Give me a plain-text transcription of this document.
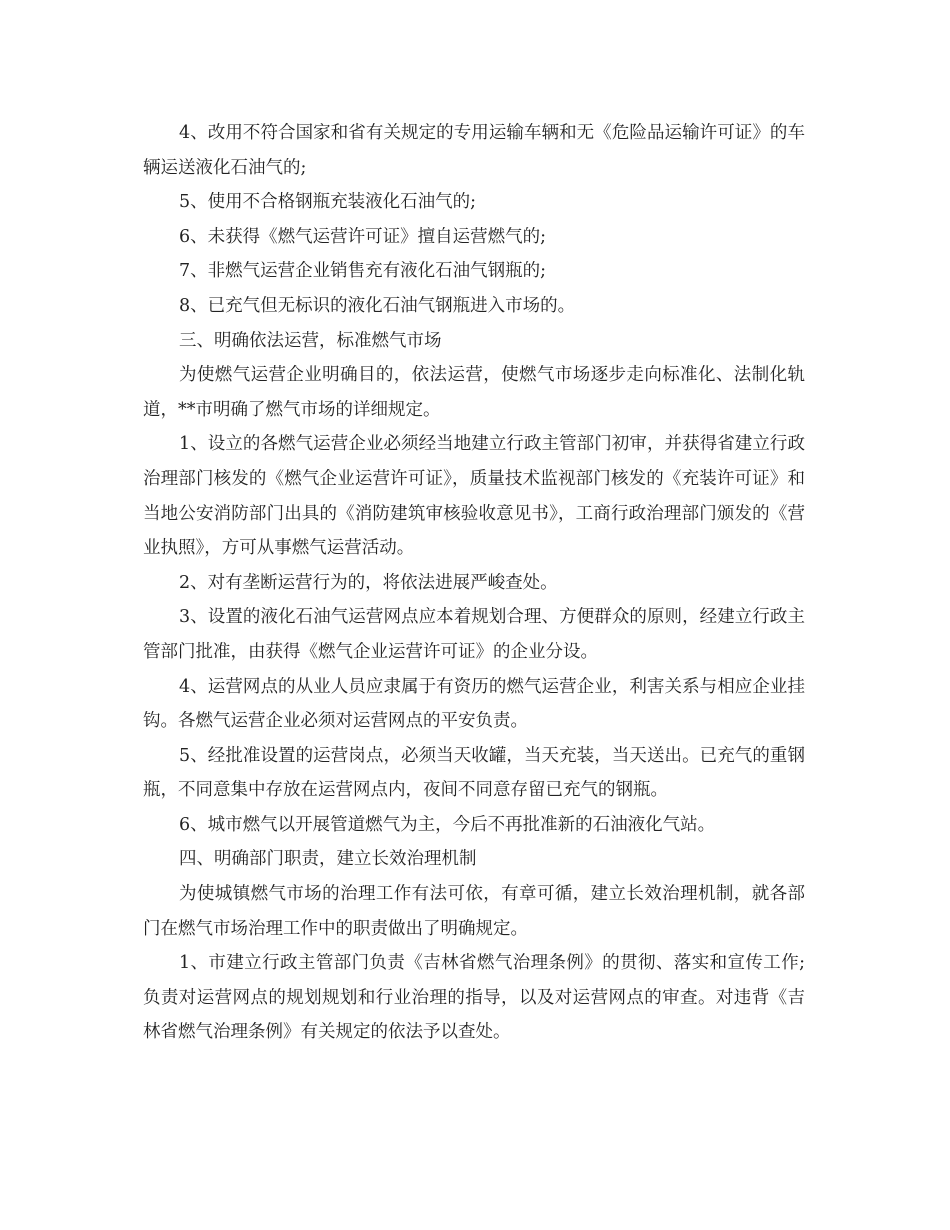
4、改用不符合国家和省有关规定的专用运输车辆和无《危险品运输许可证》的车辆运送液化石油气的;

5、使用不合格钢瓶充装液化石油气的;

6、未获得《燃气运营许可证》擅自运营燃气的;

7、非燃气运营企业销售充有液化石油气钢瓶的;

8、已充气但无标识的液化石油气钢瓶进入市场的。

三、明确依法运营，标准燃气市场

为使燃气运营企业明确目的，依法运营，使燃气市场逐步走向标准化、法制化轨道，**市明确了燃气市场的详细规定。

1、设立的各燃气运营企业必须经当地建立行政主管部门初审，并获得省建立行政治理部门核发的《燃气企业运营许可证》，质量技术监视部门核发的《充装许可证》和当地公安消防部门出具的《消防建筑审核验收意见书》，工商行政治理部门颁发的《营业执照》，方可从事燃气运营活动。

2、对有垄断运营行为的，将依法进展严峻查处。

3、设置的液化石油气运营网点应本着规划合理、方便群众的原则，经建立行政主管部门批准，由获得《燃气企业运营许可证》的企业分设。

4、运营网点的从业人员应隶属于有资历的燃气运营企业，利害关系与相应企业挂钩。各燃气运营企业必须对运营网点的平安负责。

5、经批准设置的运营岗点，必须当天收罐，当天充装，当天送出。已充气的重钢瓶，不同意集中存放在运营网点内，夜间不同意存留已充气的钢瓶。

6、城市燃气以开展管道燃气为主，今后不再批准新的石油液化气站。

四、明确部门职责，建立长效治理机制

为使城镇燃气市场的治理工作有法可依，有章可循，建立长效治理机制，就各部门在燃气市场治理工作中的职责做出了明确规定。

1、市建立行政主管部门负责《吉林省燃气治理条例》的贯彻、落实和宣传工作;负责对运营网点的规划规划和行业治理的指导，以及对运营网点的审查。对违背《吉林省燃气治理条例》有关规定的依法予以查处。
